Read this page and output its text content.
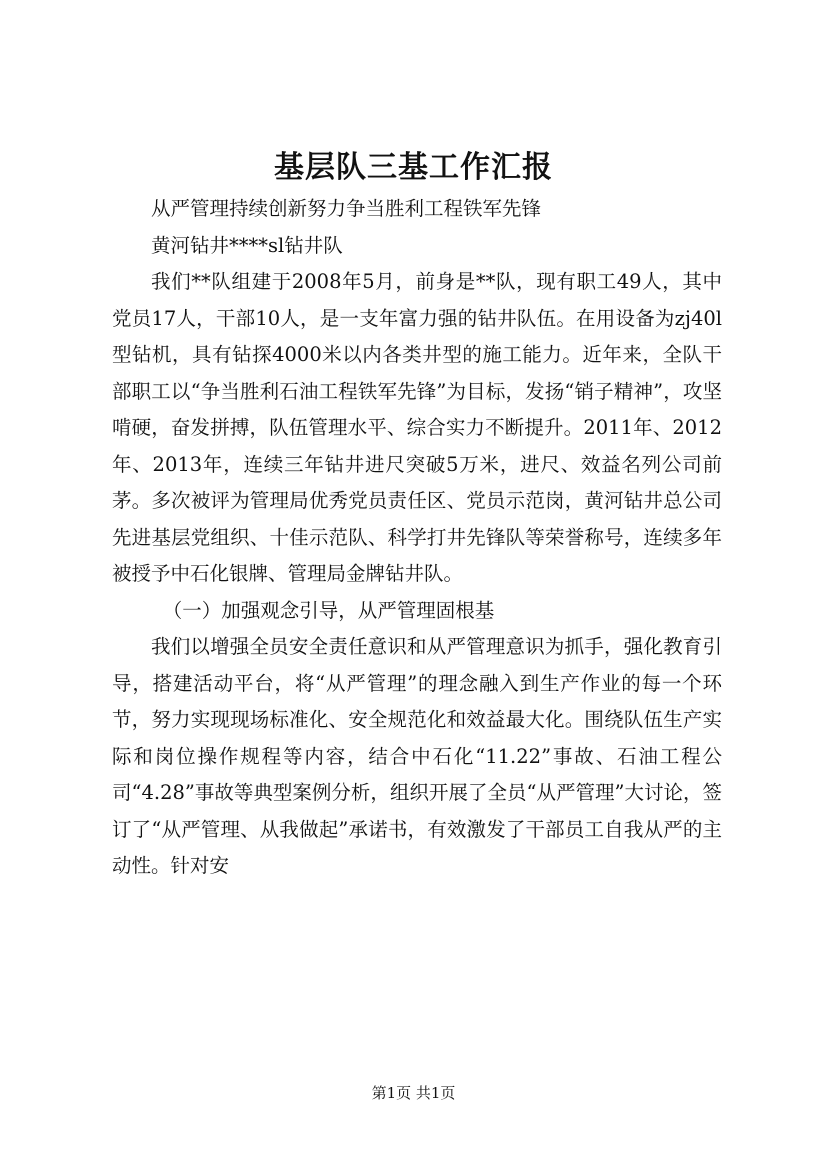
基层队三基工作汇报

从严管理持续创新努力争当胜利工程铁军先锋

黄河钻井****sl钻井队

我们**队组建于2008年5月，前身是**队，现有职工49人，其中党员17人，干部10人，是一支年富力强的钻井队伍。在用设备为zj40l型钻机，具有钻探4000米以内各类井型的施工能力。近年来，全队干部职工以“争当胜利石油工程铁军先锋”为目标，发扬“销子精神”，攻坚啃硬，奋发拼搏，队伍管理水平、综合实力不断提升。2011年、2012年、2013年，连续三年钻井进尺突破5万米，进尺、效益名列公司前茅。多次被评为管理局优秀党员责任区、党员示范岗，黄河钻井总公司先进基层党组织、十佳示范队、科学打井先锋队等荣誉称号，连续多年被授予中石化银牌、管理局金牌钻井队。

（一）加强观念引导，从严管理固根基

我们以增强全员安全责任意识和从严管理意识为抓手，强化教育引导，搭建活动平台，将“从严管理”的理念融入到生产作业的每一个环节，努力实现现场标准化、安全规范化和效益最大化。围绕队伍生产实际和岗位操作规程等内容，结合中石化“11.22”事故、石油工程公司“4.28”事故等典型案例分析，组织开展了全员“从严管理”大讨论，签订了“从严管理、从我做起”承诺书，有效激发了干部员工自我从严的主动性。针对安

第1页 共1页
